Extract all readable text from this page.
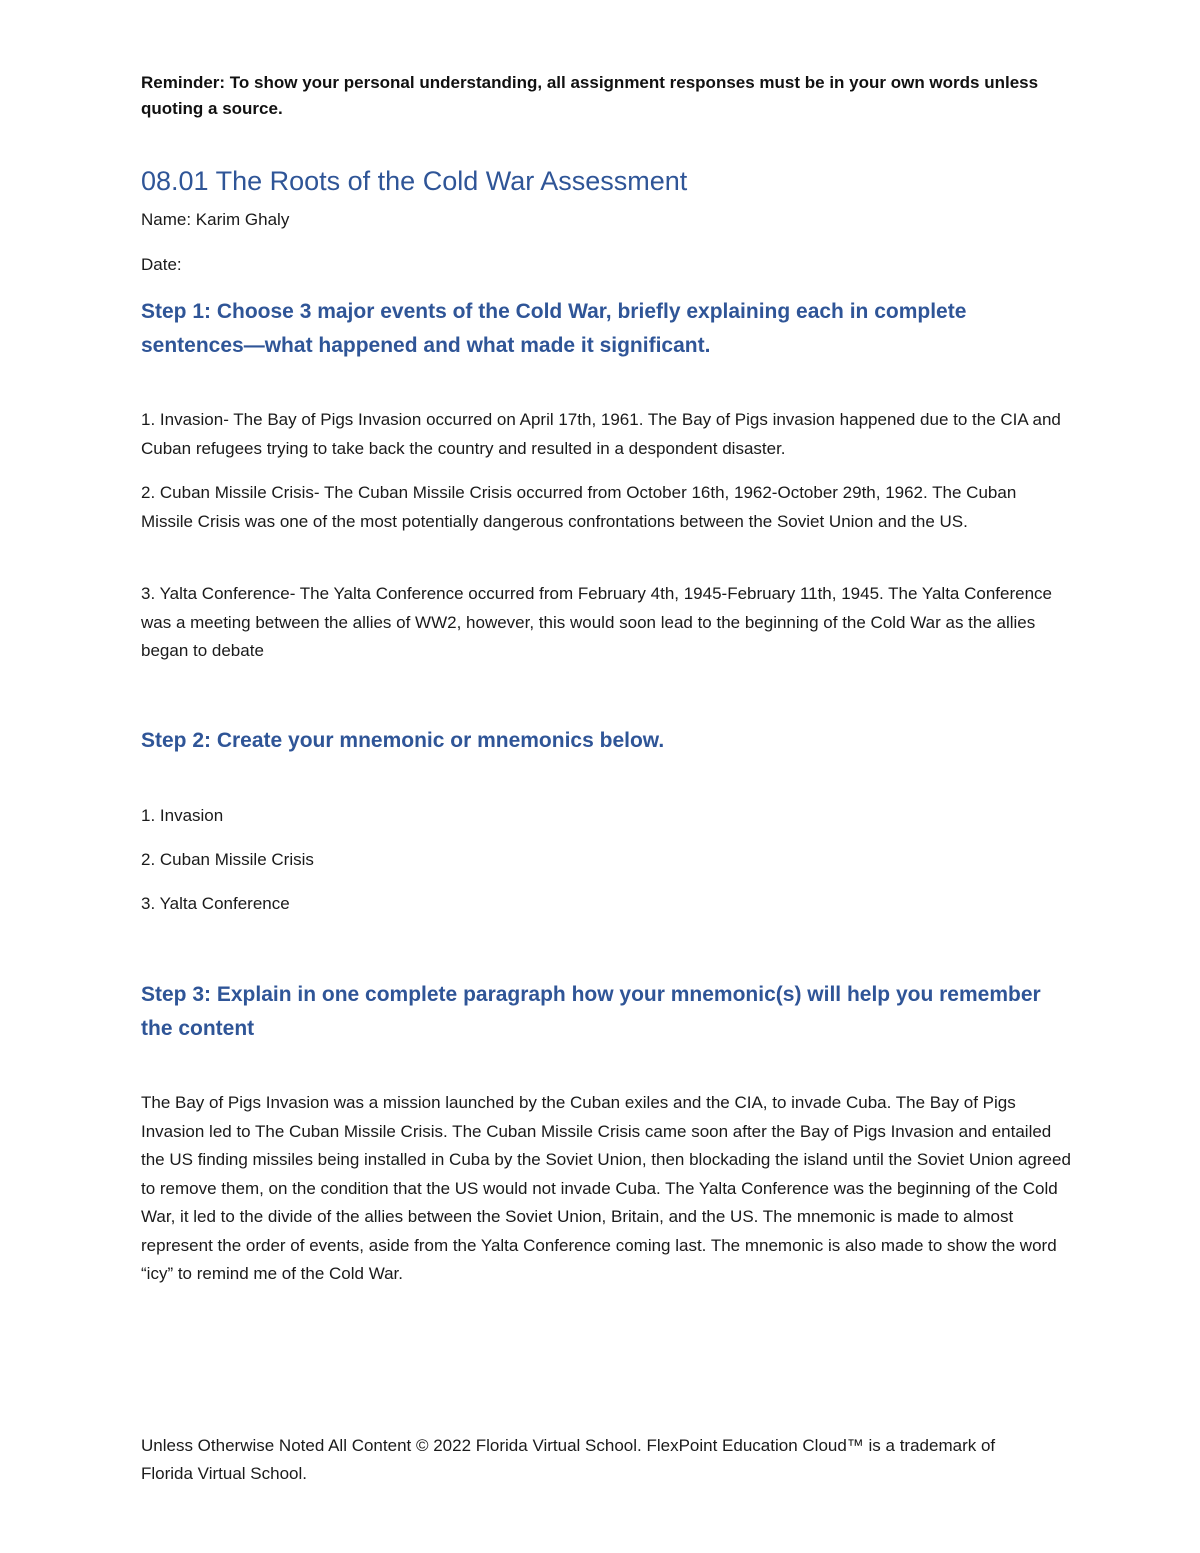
Reminder: To show your personal understanding, all assignment responses must be in your own words unless quoting a source.
08.01 The Roots of the Cold War Assessment
Name: Karim Ghaly
Date:
Step 1: Choose 3 major events of the Cold War, briefly explaining each in complete sentences—what happened and what made it significant.
1. Invasion- The Bay of Pigs Invasion occurred on April 17th, 1961. The Bay of Pigs invasion happened due to the CIA and Cuban refugees trying to take back the country and resulted in a despondent disaster.
2. Cuban Missile Crisis- The Cuban Missile Crisis occurred from October 16th, 1962-October 29th, 1962. The Cuban Missile Crisis was one of the most potentially dangerous confrontations between the Soviet Union and the US.
3. Yalta Conference- The Yalta Conference occurred from February 4th, 1945-February 11th, 1945. The Yalta Conference was a meeting between the allies of WW2, however, this would soon lead to the beginning of the Cold War as the allies began to debate
Step 2: Create your mnemonic or mnemonics below.
1. Invasion
2. Cuban Missile Crisis
3. Yalta Conference
Step 3: Explain in one complete paragraph how your mnemonic(s) will help you remember the content
The Bay of Pigs Invasion was a mission launched by the Cuban exiles and the CIA, to invade Cuba. The Bay of Pigs Invasion led to The Cuban Missile Crisis. The Cuban Missile Crisis came soon after the Bay of Pigs Invasion and entailed the US finding missiles being installed in Cuba by the Soviet Union, then blockading the island until the Soviet Union agreed to remove them, on the condition that the US would not invade Cuba. The Yalta Conference was the beginning of the Cold War, it led to the divide of the allies between the Soviet Union, Britain, and the US. The mnemonic is made to almost represent the order of events, aside from the Yalta Conference coming last. The mnemonic is also made to show the word “icy” to remind me of the Cold War.
Unless Otherwise Noted All Content © 2022 Florida Virtual School. FlexPoint Education Cloud™ is a trademark of Florida Virtual School.
